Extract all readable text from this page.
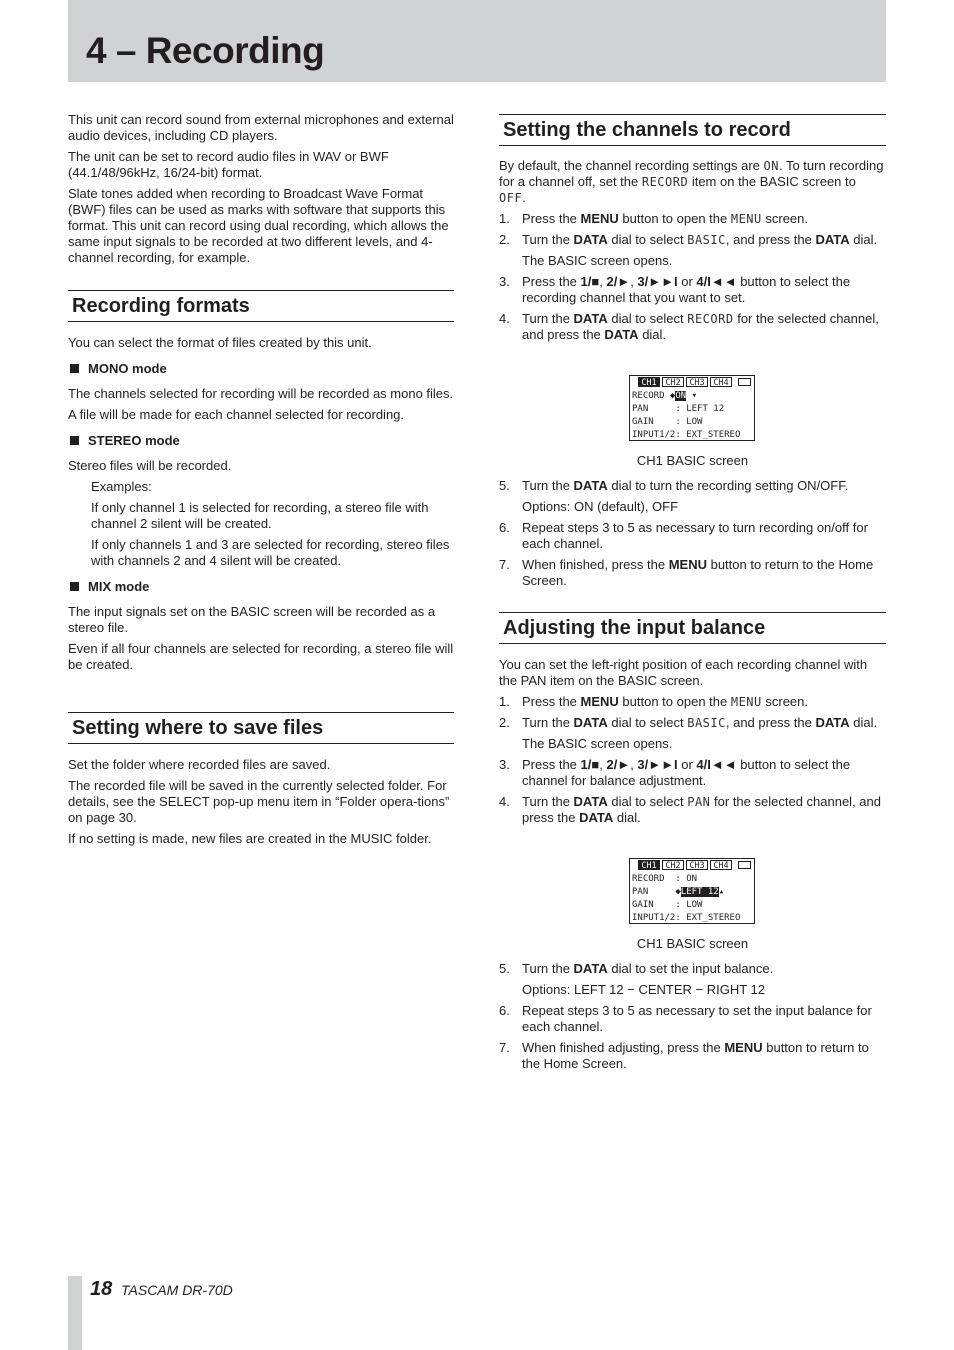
4 – Recording

This unit can record sound from external microphones and external audio devices, including CD players.

The unit can be set to record audio files in WAV or BWF (44.1/48/96kHz, 16/24-bit) format.

Slate tones added when recording to Broadcast Wave Format (BWF) files can be used as marks with software that supports this format. This unit can record using dual recording, which allows the same input signals to be recorded at two different levels, and 4-channel recording, for example.

Recording formats

You can select the format of files created by this unit.

MONO mode

The channels selected for recording will be recorded as mono files.

A file will be made for each channel selected for recording.

STEREO mode

Stereo files will be recorded.

Examples:

If only channel 1 is selected for recording, a stereo file with channel 2 silent will be created.

If only channels 1 and 3 are selected for recording, stereo files with channels 2 and 4 silent will be created.

MIX mode

The input signals set on the BASIC screen will be recorded as a stereo file.

Even if all four channels are selected for recording, a stereo file will be created.

Setting where to save files

Set the folder where recorded files are saved.

The recorded file will be saved in the currently selected folder. For details, see the SELECT pop-up menu item in “Folder opera-tions” on page 30.

If no setting is made, new files are created in the MUSIC folder.

Setting the channels to record

By default, the channel recording settings are ON. To turn recording for a channel off, set the RECORD item on the BASIC screen to OFF.

1. Press the MENU button to open the MENU screen.
2. Turn the DATA dial to select BASIC, and press the DATA dial.
The BASIC screen opens.
3. Press the 1/■, 2/►, 3/►►I or 4/I◄◄ button to select the recording channel that you want to set.
4. Turn the DATA dial to select RECORD for the selected channel, and press the DATA dial.
CH1	CH2	CH3	CH4
RECORD ◆ON ▾
PAN     : LEFT 12
GAIN    : LOW
INPUT1/2: EXT_STEREO
CH1 BASIC screen
5. Turn the DATA dial to turn the recording setting ON/OFF.
Options: ON (default), OFF
6. Repeat steps 3 to 5 as necessary to turn recording on/off for each channel.
7. When finished, press the MENU button to return to the Home Screen.
Adjusting the input balance

You can set the left-right position of each recording channel with the PAN item on the BASIC screen.

1. Press the MENU button to open the MENU screen.
2. Turn the DATA dial to select BASIC, and press the DATA dial.
The BASIC screen opens.
3. Press the 1/■, 2/►, 3/►►I or 4/I◄◄ button to select the channel for balance adjustment.
4. Turn the DATA dial to select PAN for the selected channel, and press the DATA dial.
CH1	CH2	CH3	CH4
RECORD : ON
PAN     ◆LEFT 12▴
GAIN    : LOW
INPUT1/2: EXT_STEREO
CH1 BASIC screen
5. Turn the DATA dial to set the input balance.
Options: LEFT 12 − CENTER − RIGHT 12
6. Repeat steps 3 to 5 as necessary to set the input balance for each channel.
7. When finished adjusting, press the MENU button to return to the Home Screen.
18 TASCAM DR-70D
